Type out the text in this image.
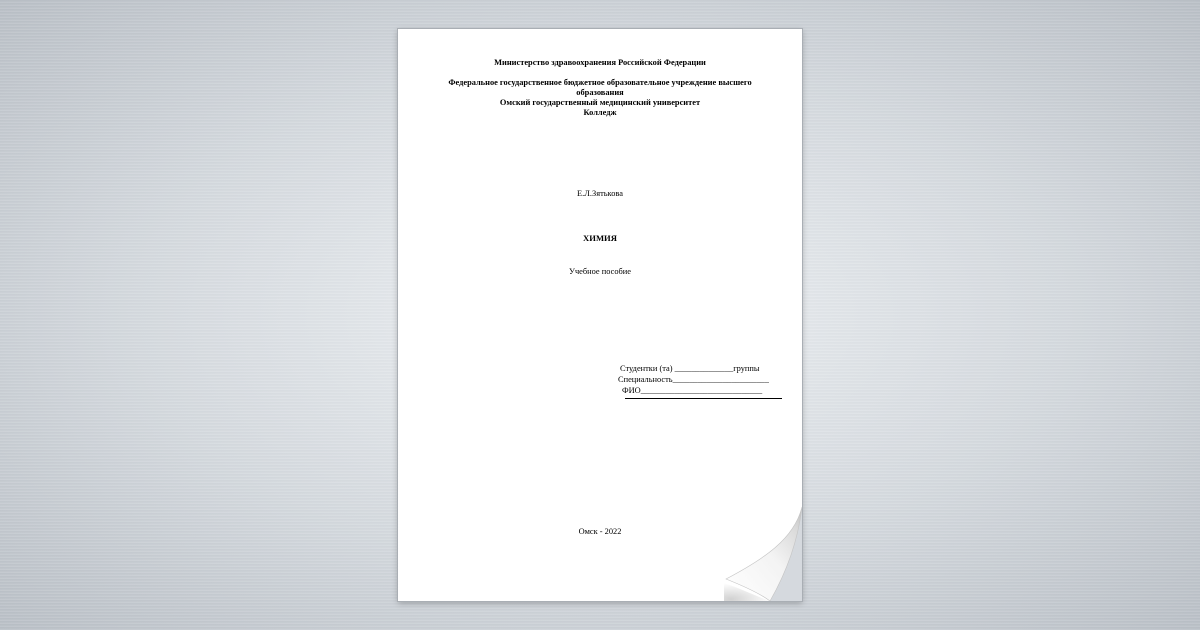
Министерство здравоохранения Российской Федерации
Федеральное государственное бюджетное образовательное учреждение высшего
образования
Омский государственный медицинский университет
Колледж
Е.Л.Зятькова
ХИМИЯ
Учебное пособие
Студентки (та) ______________группы
Специальность_______________________
ФИО_____________________________
Омск - 2022
